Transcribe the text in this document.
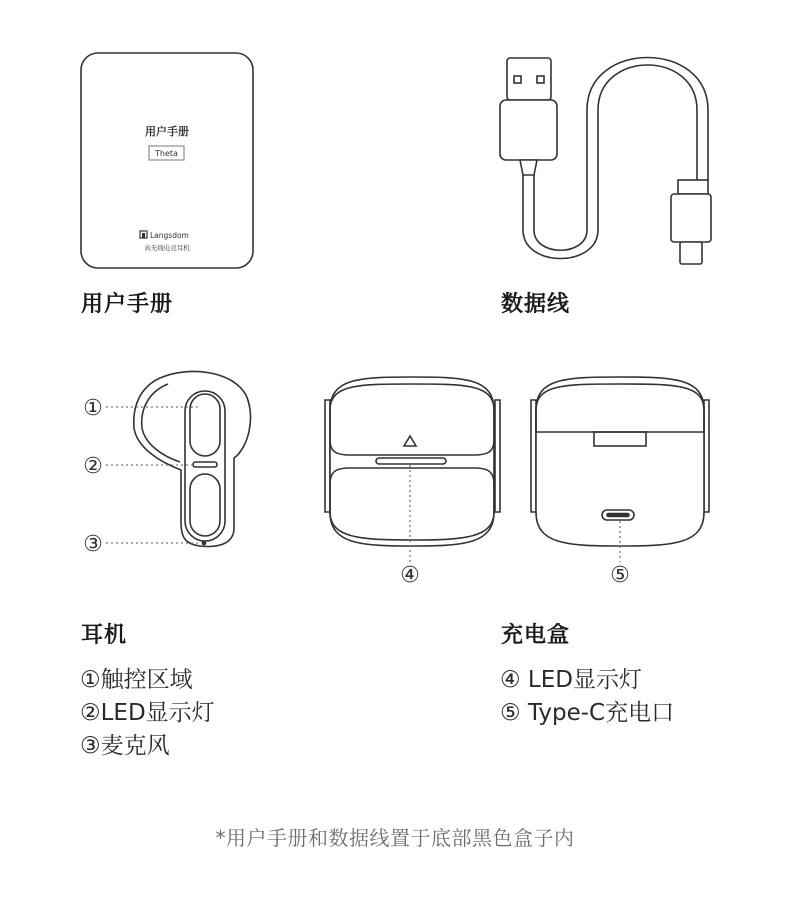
用户手册
Theta
Langsdom
真无线电竞耳机
①
②
③
④	⑤
用户手册	数据线
耳机	充电盒
①触控区域
②LED显示灯
③麦克风
④ LED显示灯
⑤ Type-C充电口
*用户手册和数据线置于底部黑色盒子内
